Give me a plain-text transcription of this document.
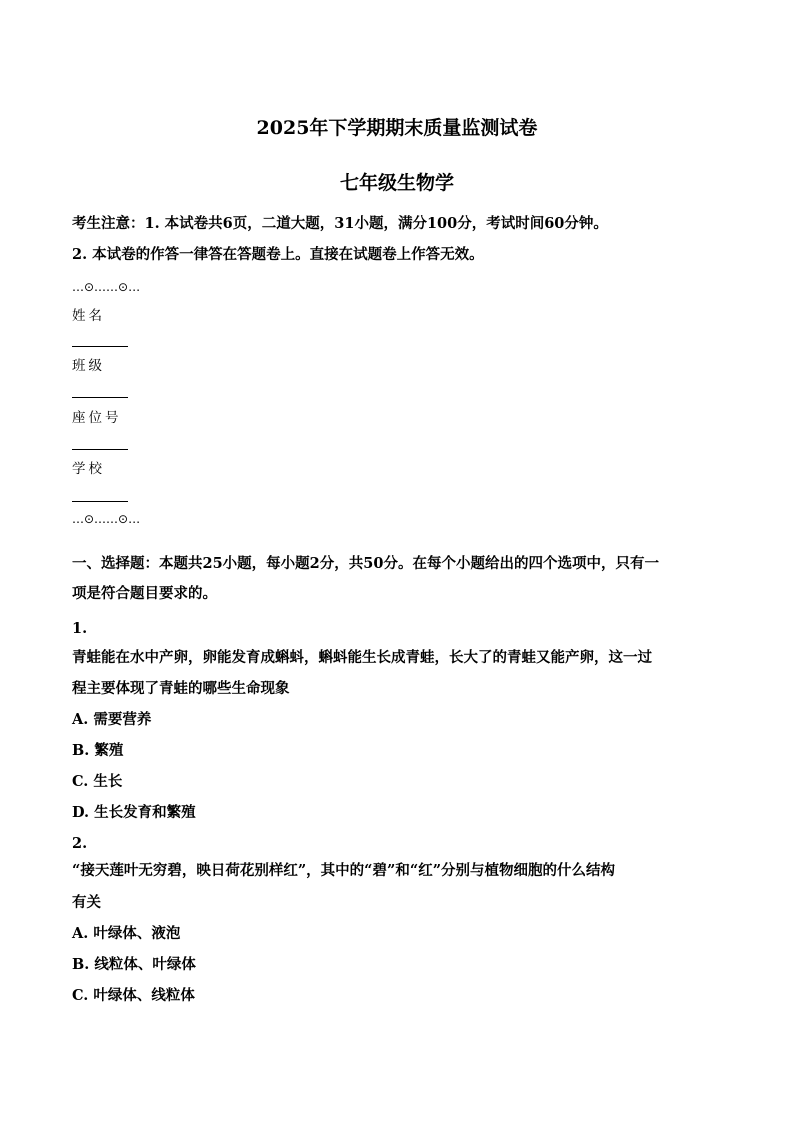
2025年下学期期末质量监测试卷
七年级生物学
考生注意：1. 本试卷共6页，二道大题，31小题，满分100分，考试时间60分钟。
2. 本试卷的作答一律答在答题卷上。直接在试题卷上作答无效。
…⊙……⊙…
姓名
班级
座位号
学校
…⊙……⊙…
一、选择题：本题共25小题，每小题2分，共50分。在每个小题给出的四个选项中，只有一
项是符合题目要求的。
1.
青蛙能在水中产卵，卵能发育成蝌蚪，蝌蚪能生长成青蛙，长大了的青蛙又能产卵，这一过
程主要体现了青蛙的哪些生命现象
A. 需要营养
B. 繁殖
C. 生长
D. 生长发育和繁殖
2.
“接天莲叶无穷碧，映日荷花别样红”，其中的“碧”和“红”分别与植物细胞的什么结构
有关
A. 叶绿体、液泡
B. 线粒体、叶绿体
C. 叶绿体、线粒体
